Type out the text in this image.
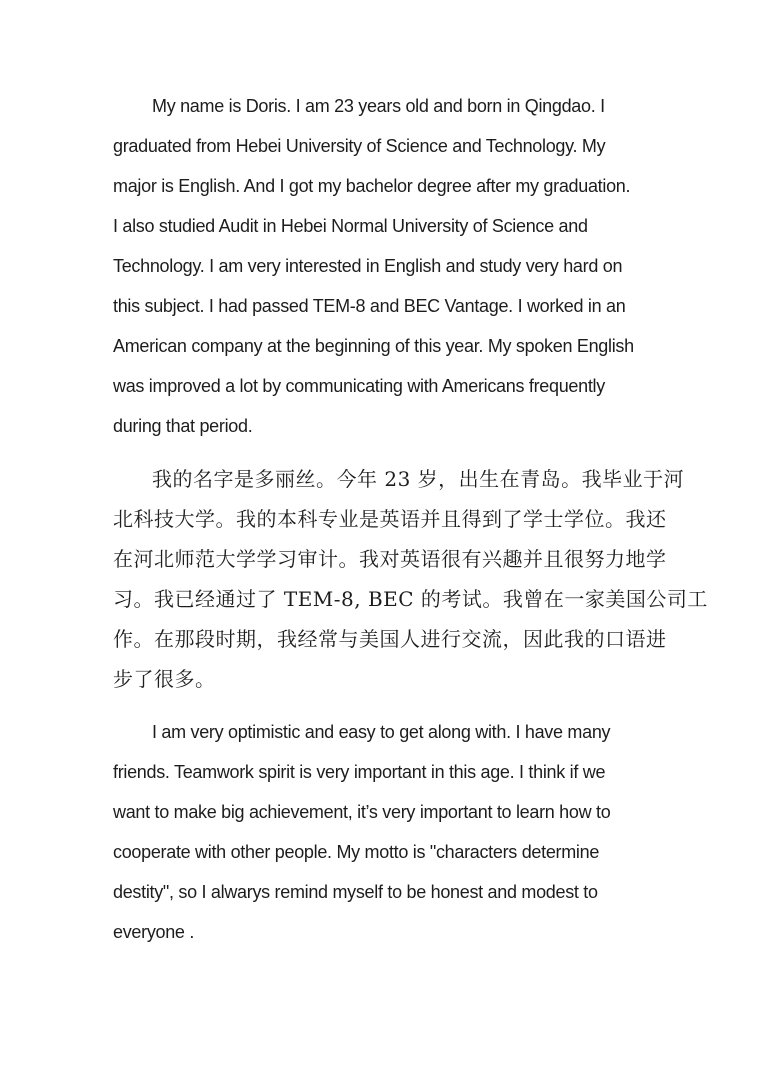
My name is Doris. I am 23 years old and born in Qingdao. I
graduated from Hebei University of Science and Technology. My
major is English. And I got my bachelor degree after my graduation.
I also studied Audit in Hebei Normal University of Science and
Technology. I am very interested in English and study very hard on
this subject. I had passed TEM-8 and BEC Vantage. I worked in an
American company at the beginning of this year. My spoken English
was improved a lot by communicating with Americans frequently
during that period.

我的名字是多丽丝。今年 23 岁，出生在青岛。我毕业于河
北科技大学。我的本科专业是英语并且得到了学士学位。我还
在河北师范大学学习审计。我对英语很有兴趣并且很努力地学
习。我已经通过了 TEM-8, BEC 的考试。我曾在一家美国公司工
作。在那段时期，我经常与美国人进行交流，因此我的口语进
步了很多。

I am very optimistic and easy to get along with. I have many
friends. Teamwork spirit is very important in this age. I think if we
want to make big achievement, it’s very important to learn how to
cooperate with other people. My motto is "characters determine
destity", so I alwarys remind myself to be honest and modest to
everyone .
